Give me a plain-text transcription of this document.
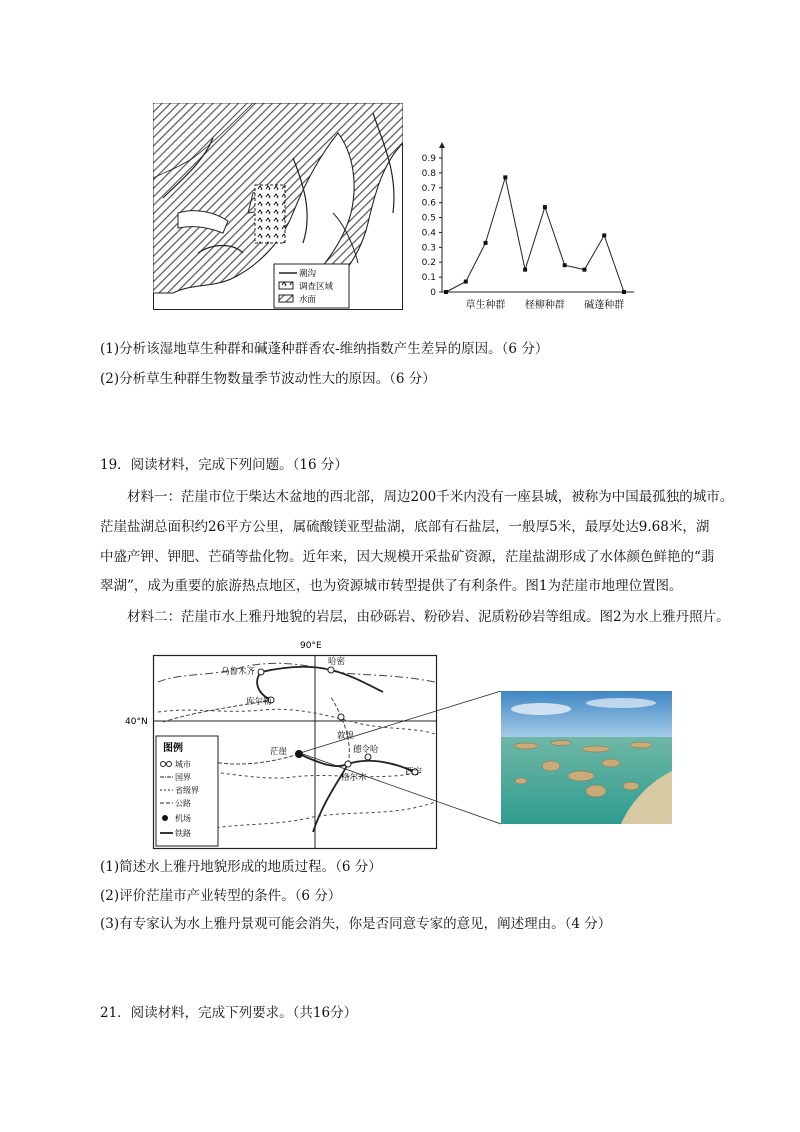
潮沟
调查区域
水面
0.9
0.8
0.7
0.6
0.5
0.4
0.3
0.2
0.1
0
草生种群 柽柳种群 碱蓬种群
(1)分析该湿地草生种群和碱蓬种群香农-维纳指数产生差异的原因。（6 分）
(2)分析草生种群生物数量季节波动性大的原因。（6 分）
19．阅读材料，完成下列问题。（16 分）
材料一：茫崖市位于柴达木盆地的西北部，周边200千米内没有一座县城，被称为中国最孤独的城市。
茫崖盐湖总面积约26平方公里，属硫酸镁亚型盐湖，底部有石盐层，一般厚5米，最厚处达9.68米，湖
中盛产钾、钾肥、芒硝等盐化物。近年来，因大规模开采盐矿资源，茫崖盐湖形成了水体颜色鲜艳的“翡
翠湖”，成为重要的旅游热点地区，也为资源城市转型提供了有利条件。图1为茫崖市地理位置图。
材料二：茫崖市水上雅丹地貌的岩层，由砂砾岩、粉砂岩、泥质粉砂岩等组成。图2为水上雅丹照片。
90°E
40°N
乌鲁木齐
哈密
库尔勒
敦煌
茫崖	德令哈
西宁
格尔木
图例
城市
国界
省级界
公路
机场
铁路
(1)简述水上雅丹地貌形成的地质过程。（6 分）
(2)评价茫崖市产业转型的条件。（6 分）
(3)有专家认为水上雅丹景观可能会消失，你是否同意专家的意见，阐述理由。（4 分）
21．阅读材料，完成下列要求。（共16分）
